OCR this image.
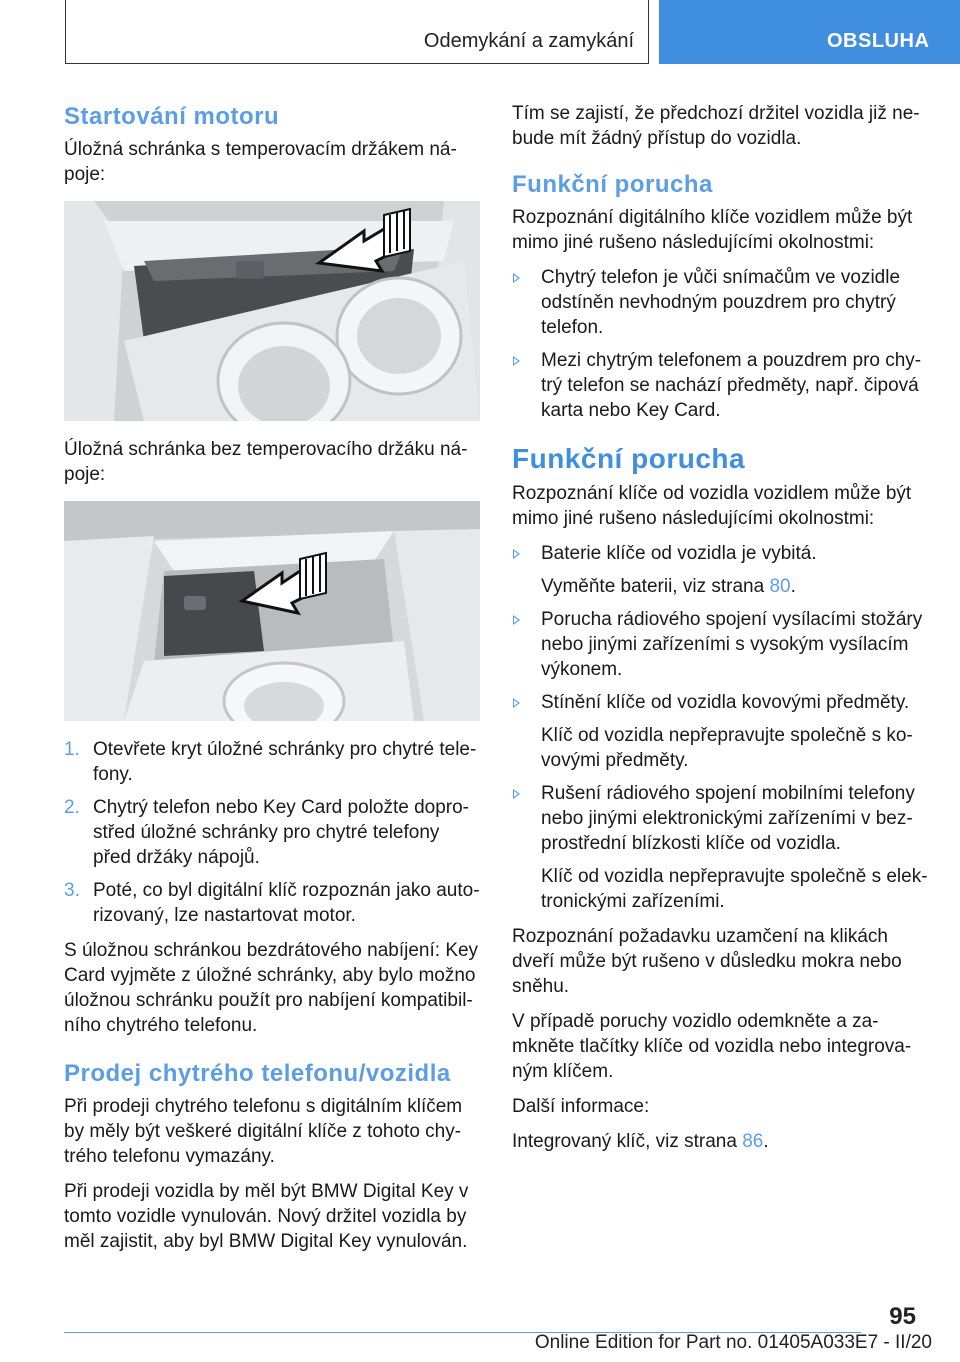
Odemykání a zamykání	OBSLUHA
Startování motoru

Úložná schránka s temperovacím držákem ná-poje:

Úložná schránka bez temperovacího držáku ná-poje:

1. Otevřete kryt úložné schránky pro chytré tele-fony.
2. Chytrý telefon nebo Key Card položte dopro-střed úložné schránky pro chytré telefony před držáky nápojů.
3. Poté, co byl digitální klíč rozpoznán jako auto-rizovaný, lze nastartovat motor.

S úložnou schránkou bezdrátového nabíjení: Key Card vyjměte z úložné schránky, aby bylo možno úložnou schránku použít pro nabíjení kompatibil-ního chytrého telefonu.

Prodej chytrého telefonu/vozidla

Při prodeji chytrého telefonu s digitálním klíčem by měly být veškeré digitální klíče z tohoto chy-trého telefonu vymazány.

Při prodeji vozidla by měl být BMW Digital Key v tomto vozidle vynulován. Nový držitel vozidla by měl zajistit, aby byl BMW Digital Key vynulován.

Tím se zajistí, že předchozí držitel vozidla již ne-bude mít žádný přístup do vozidla.

Funkční porucha

Rozpoznání digitálního klíče vozidlem může být mimo jiné rušeno následujícími okolnostmi:

Chytrý telefon je vůči snímačům ve vozidle odstíněn nevhodným pouzdrem pro chytrý telefon.
Mezi chytrým telefonem a pouzdrem pro chy-trý telefon se nachází předměty, např. čipová karta nebo Key Card.
Funkční porucha

Rozpoznání klíče od vozidla vozidlem může být mimo jiné rušeno následujícími okolnostmi:

Baterie klíče od vozidla je vybitá.
Vyměňte baterii, viz strana 80.
Porucha rádiového spojení vysílacími stožáry nebo jinými zařízeními s vysokým vysílacím výkonem.
Stínění klíče od vozidla kovovými předměty.
Klíč od vozidla nepřepravujte společně s ko-vovými předměty.
Rušení rádiového spojení mobilními telefony nebo jinými elektronickými zařízeními v bez-prostřední blízkosti klíče od vozidla.
Klíč od vozidla nepřepravujte společně s elek-tronickými zařízeními.

Rozpoznání požadavku uzamčení na klikách dveří může být rušeno v důsledku mokra nebo sněhu.

V případě poruchy vozidlo odemkněte a za-mkněte tlačítky klíče od vozidla nebo integrova-ným klíčem.

Další informace:

Integrovaný klíč, viz strana 86.

95
Online Edition for Part no. 01405A033E7 - II/20
